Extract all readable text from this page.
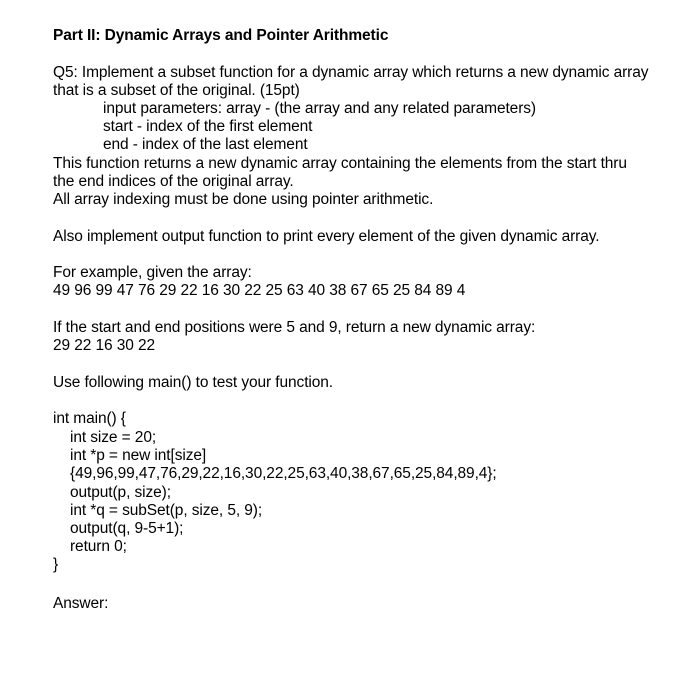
Part II: Dynamic Arrays and Pointer Arithmetic
Q5: Implement a subset function for a dynamic array which returns a new dynamic array
that is a subset of the original. (15pt)
input parameters: array - (the array and any related parameters)
start - index of the first element
end - index of the last element
This function returns a new dynamic array containing the elements from the start thru
the end indices of the original array.
All array indexing must be done using pointer arithmetic.
Also implement output function to print every element of the given dynamic array.
For example, given the array:
49 96 99 47 76 29 22 16 30 22 25 63 40 38 67 65 25 84 89 4
If the start and end positions were 5 and 9, return a new dynamic array:
29 22 16 30 22
Use following main() to test your function.
int main() {
int size = 20;
int *p = new int[size]
{49,96,99,47,76,29,22,16,30,22,25,63,40,38,67,65,25,84,89,4};
output(p, size);
int *q = subSet(p, size, 5, 9);
output(q, 9-5+1);
return 0;
}
Answer:
